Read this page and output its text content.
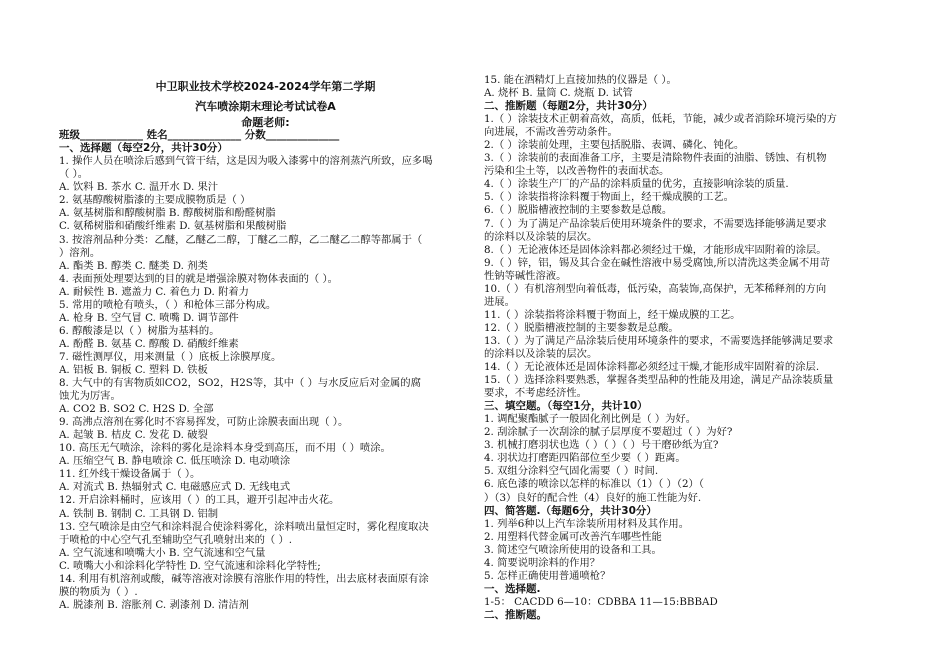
中卫职业技术学校2024-2024学年第二学期

汽车喷涂期末理论考试试卷A

命题老师:

班级____________ 姓名______________ 分数______________

一、选择题（每空2分，共计30分）

1. 操作人员在喷涂后感到气管干结，这是因为吸入漆雾中的溶剂蒸汽所致，应多喝

（ ）。

A. 饮料 B. 茶水 C. 温开水 D. 果汁

2. 氨基醇酸树脂漆的主要成膜物质是（ ）

A. 氨基树脂和醇酸树脂 B. 醇酸树脂和酚醛树脂

C. 氨稀树脂和硝酸纤维素 D. 氨基树脂和果酸树脂

3. 按溶剂品种分类：乙醚，乙醚乙二醇，丁醚乙二醇，乙二醚乙二醇等都属于（

）溶剂。

A. 酯类 B. 醇类 C. 醚类 D. 剂类

4. 表面预处理要达到的目的就是增强涂膜对物体表面的（ ）。

A. 耐候性 B. 遮盖力 C. 着色力 D. 附着力

5. 常用的喷枪有喷头，（ ）和枪体三部分构成。

A. 枪身 B. 空气冒 C. 喷嘴 D. 调节部件

6. 醇酸漆是以（ ）树脂为基料的。

A. 酚醛 B. 氨基 C. 醇酸 D. 硝酸纤维素

7. 磁性测厚仪，用来测量（ ）底板上涂膜厚度。

A. 铝板 B. 铜板 C. 塑料 D. 铁板

8. 大气中的有害物质如CO2，SO2，H2S等，其中（ ）与水反应后对金属的腐

蚀尤为厉害。

A. CO2 B. SO2 C. H2S D. 全部

9. 高沸点溶剂在雾化时不容易挥发，可防止涂膜表面出现（ ）。

A. 起皱 B. 桔皮 C. 发花 D. 破裂

10. 高压无气喷涂，涂料的雾化是涂料本身受到高压，而不用（ ）喷涂。

A. 压缩空气 B. 静电喷涂 C. 低压喷涂 D. 电动喷涂

11. 红外线干燥设备属于（ ）。

A. 对流式 B. 热辐射式 C. 电磁感应式 D. 无线电式

12. 开启涂料桶时，应该用（ ）的工具，避开引起冲击火花。

A. 铁制 B. 钢制 C. 工具钢 D. 铝制

13. 空气喷涂是由空气和涂料混合使涂料雾化，涂料喷出量恒定时，雾化程度取决

于喷枪的中心空气孔至辅助空气孔喷射出来的（ ）.

A. 空气流速和喷嘴大小 B. 空气流速和空气量

C. 喷嘴大小和涂料化学特性 D. 空气流速和涂料化学特性;

14. 利用有机溶剂或酸，碱等溶液对涂膜有溶胀作用的特性，出去底材表面原有涂

膜的物质为（ ）.

A. 脱漆剂 B. 溶胀剂 C. 剥漆剂 D. 清洁剂

15. 能在酒精灯上直接加热的仪器是（ ）。

A. 烧杯 B. 量筒 C. 烧瓶 D. 试管

二、推断题（每题2分，共计30分）

1.（ ）涂装技术正朝着高效，高质，低耗，节能，减少或者消除环境污染的方

向进展，不需改善劳动条件。

2.（ ）涂装前处理，主要包括脱脂、表调、磷化、钝化。

3.（ ）涂装前的表面准备工序，主要是清除物件表面的油脂、锈蚀、有机物

污染和尘土等，以改善物件的表面状态。

4.（ ）涂装生产厂的产品的涂料质量的优劣，直接影响涂装的质量.

5.（ ）涂装指将涂料覆于物面上，经干燥成膜的工艺。

6.（ ）脱脂槽液控制的主要参数是总酸。

7.（ ）为了满足产品涂装后使用环境条件的要求，不需要选择能够满足要求

的涂料以及涂装的层次。

8.（ ）无论液体还是固体涂料都必须经过干燥，才能形成牢固附着的涂层。

9.（ ）锌，铝，锡及其合金在碱性溶液中易受腐蚀,所以清洗这类金属不用苛

性钠等碱性溶液。

10.（ ）有机溶剂型向着低毒，低污染，高装饰,高保护，无苯稀释剂的方向

进展。

11.（ ）涂装指将涂料覆于物面上，经干燥成膜的工艺。

12.（ ）脱脂槽液控制的主要参数是总酸。

13.（ ）为了满足产品涂装后使用环境条件的要求，不需要选择能够满足要求

的涂料以及涂装的层次。

14.（ ）无论液体还是固体涂料都必须经过干燥,才能形成牢固附着的涂层.

15.（ ）选择涂料要熟悉，掌握各类型品种的性能及用途，满足产品涂装质量

要求，不考虑经济性。

三、填空题。（每空1分，共计10）

1. 调配聚酯腻子一般固化剂比例是（ ）为好。

2. 刮涂腻子一次刮涂的腻子层厚度不要超过（ ）为好?

3. 机械打磨羽状也选（ ）（ ）（ ）号干磨砂纸为宜?

4. 羽状边打磨距四陷部位至少要（ ）距离。

5. 双组分涂料空气固化需要（ ）时间.

6. 底色漆的喷涂以怎样的标准以（1）（ ）（2）（

）（3）良好的配合性（4）良好的施工性能为好.

四、简答题.（每题6分，共计30分）

1. 列举6种以上汽车涂装所用材料及其作用。

2. 用塑料代替金属可改善汽车哪些性能

3. 简述空气喷涂所使用的设备和工具。

4. 简要说明涂料的作用？

5. 怎样正确使用普通喷枪？

一、选择题.

1-5： CACDD 6—10：CDBBA 11—15:BBBAD

二、推断题。
